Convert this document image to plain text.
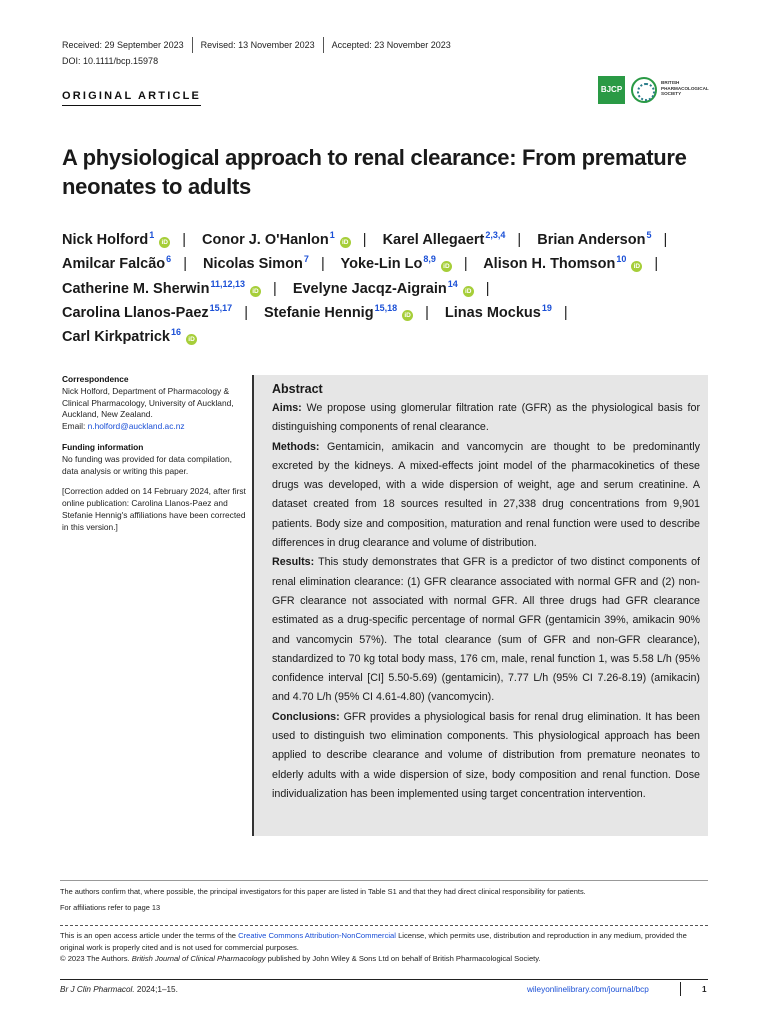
Received: 29 September 2023	Revised: 13 November 2023	Accepted: 23 November 2023
DOI: 10.1111/bcp.15978
ORIGINAL ARTICLE
BJCP
BRITISH PHARMACOLOGICAL SOCIETY
A physiological approach to renal clearance: From premature neonates to adults
Nick Holford$^1$iD | Conor J. O'Hanlon$^1$iD | Karel Allegaert$^{2,3,4}$ | Brian Anderson$^5$ |
Amilcar Falcão$^6$ | Nicolas Simon$^7$ | Yoke-Lin Lo$^{8,9}$iD | Alison H. Thomson$^{10}$iD |
Catherine M. Sherwin$^{11,12,13}$iD | Evelyne Jacqz-Aigrain$^{14}$iD |
Carolina Llanos-Paez$^{15,17}$ | Stefanie Hennig$^{15,18}$iD | Linas Mockus$^{19}$ |
Carl Kirkpatrick$^{16}$iD
Correspondence
Nick Holford, Department of Pharmacology & Clinical Pharmacology, University of Auckland, Auckland, New Zealand.
Email: n.holford@auckland.ac.nz
Funding information
No funding was provided for data compilation, data analysis or writing this paper.
[Correction added on 14 February 2024, after first online publication: Carolina Llanos-Paez and Stefanie Hennig's affiliations have been corrected in this version.]
Abstract

Aims: We propose using glomerular filtration rate (GFR) as the physiological basis for distinguishing components of renal clearance.

Methods: Gentamicin, amikacin and vancomycin are thought to be predominantly excreted by the kidneys. A mixed-effects joint model of the pharmacokinetics of these drugs was developed, with a wide dispersion of weight, age and serum creatinine. A dataset created from 18 sources resulted in 27,338 drug concentrations from 9,901 patients. Body size and composition, maturation and renal function were used to describe differences in drug clearance and volume of distribution.

Results: This study demonstrates that GFR is a predictor of two distinct components of renal elimination clearance: (1) GFR clearance associated with normal GFR and (2) non-GFR clearance not associated with normal GFR. All three drugs had GFR clearance estimated as a drug-specific percentage of normal GFR (gentamicin 39%, amikacin 90% and vancomycin 57%). The total clearance (sum of GFR and non-GFR clearance), standardized to 70 kg total body mass, 176 cm, male, renal function 1, was 5.58 L/h (95% confidence interval [CI] 5.50-5.69) (gentamicin), 7.77 L/h (95% CI 7.26-8.19) (amikacin) and 4.70 L/h (95% CI 4.61-4.80) (vancomycin).

Conclusions: GFR provides a physiological basis for renal drug elimination. It has been used to distinguish two elimination components. This physiological approach has been applied to describe clearance and volume of distribution from premature neonates to elderly adults with a wide dispersion of size, body composition and renal function. Dose individualization has been implemented using target concentration intervention.

The authors confirm that, where possible, the principal investigators for this paper are listed in Table S1 and that they had direct clinical responsibility for patients.
For affiliations refer to page 13
This is an open access article under the terms of the Creative Commons Attribution-NonCommercial License, which permits use, distribution and reproduction in any medium, provided the original work is properly cited and is not used for commercial purposes.
© 2023 The Authors. British Journal of Clinical Pharmacology published by John Wiley & Sons Ltd on behalf of British Pharmacological Society.
Br J Clin Pharmacol. 2024;1–15.	wileyonlinelibrary.com/journal/bcp	1
